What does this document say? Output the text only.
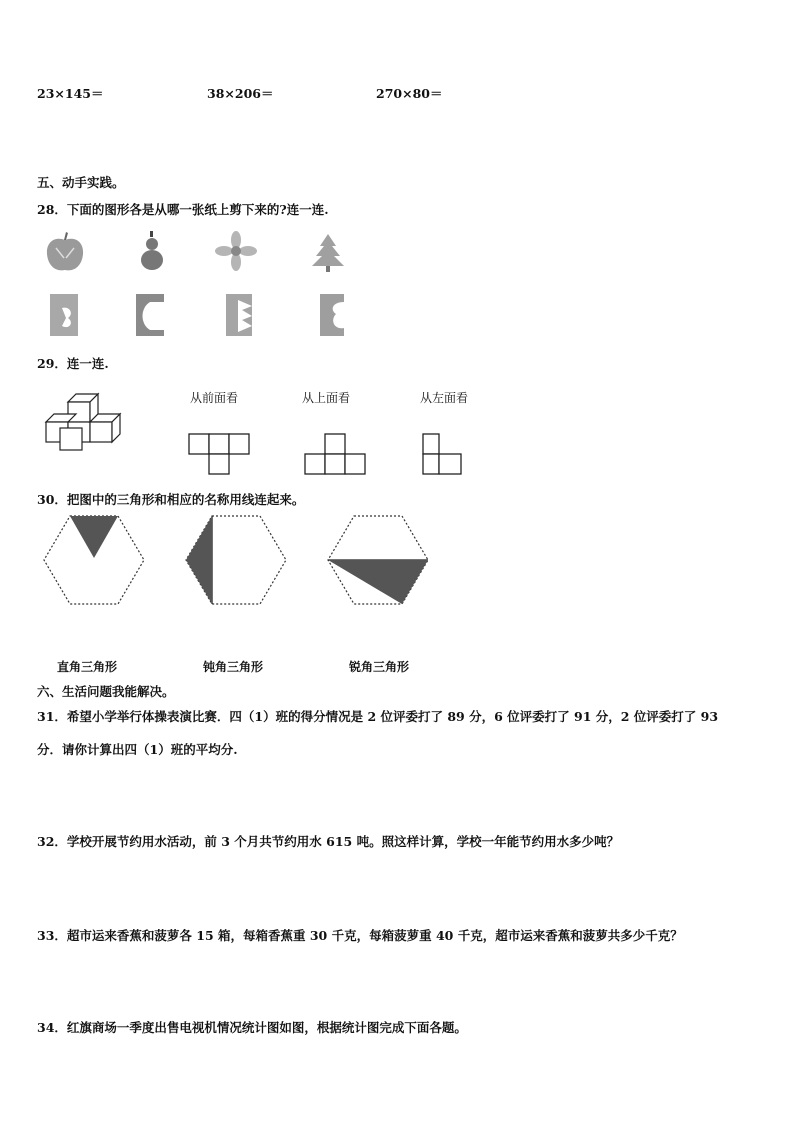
23×145＝	38×206＝	270×80＝
五、动手实践。
28．下面的图形各是从哪一张纸上剪下来的?连一连.
29．连一连.
从前面看	从上面看	从左面看
30．把图中的三角形和相应的名称用线连起来。
直角三角形	钝角三角形	锐角三角形
六、生活问题我能解决。
31．希望小学举行体操表演比赛．四（1）班的得分情况是 2 位评委打了 89 分，6 位评委打了 91 分，2 位评委打了 93
分．请你计算出四（1）班的平均分.
32．学校开展节约用水活动，前 3 个月共节约用水 615 吨。照这样计算，学校一年能节约用水多少吨？
33．超市运来香蕉和菠萝各 15 箱，每箱香蕉重 30 千克，每箱菠萝重 40 千克，超市运来香蕉和菠萝共多少千克？
34．红旗商场一季度出售电视机情况统计图如图，根据统计图完成下面各题。
